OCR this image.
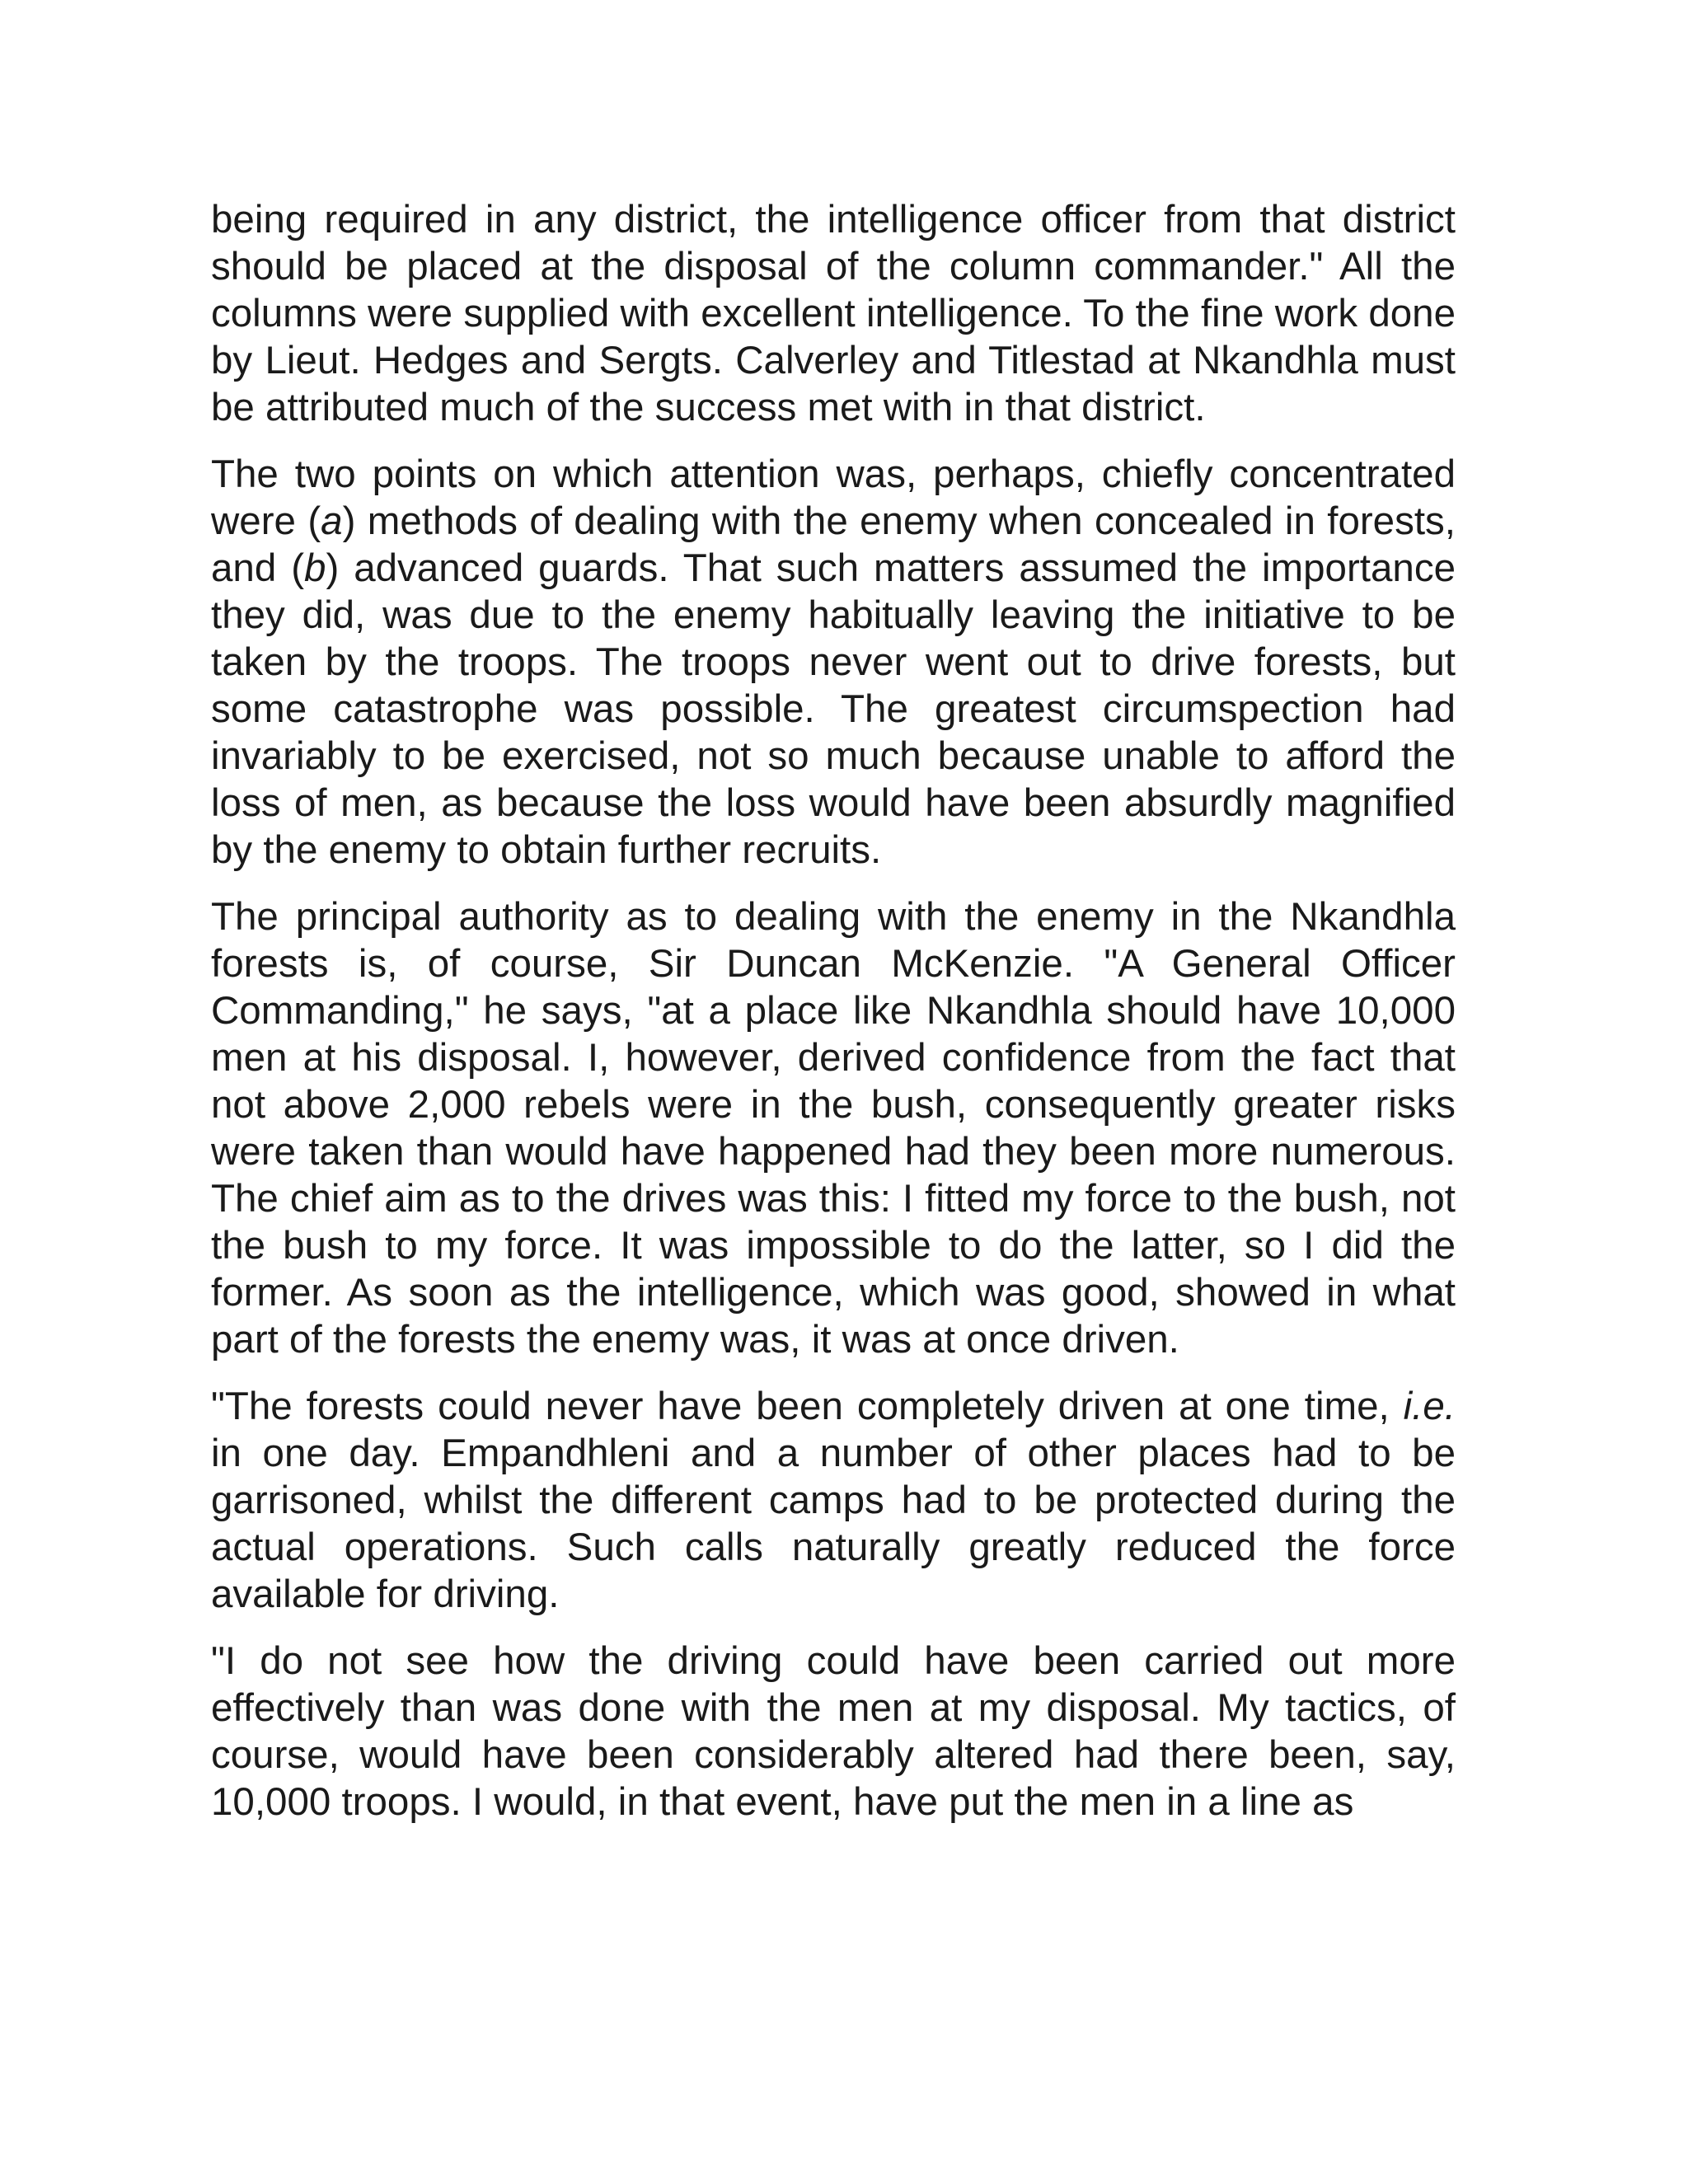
being required in any district, the intelligence officer from that district should be placed at the disposal of the column commander." All the columns were supplied with excellent intelligence. To the fine work done by Lieut. Hedges and Sergts. Calverley and Titlestad at Nkandhla must be attributed much of the success met with in that district.

The two points on which attention was, perhaps, chiefly concentrated were (a) methods of dealing with the enemy when concealed in forests, and (b) advanced guards. That such matters assumed the importance they did, was due to the enemy habitually leaving the initiative to be taken by the troops. The troops never went out to drive forests, but some catastrophe was possible. The greatest circumspection had invariably to be exercised, not so much because unable to afford the loss of men, as because the loss would have been absurdly magnified by the enemy to obtain further recruits.

The principal authority as to dealing with the enemy in the Nkandhla forests is, of course, Sir Duncan McKenzie. "A General Officer Commanding," he says, "at a place like Nkandhla should have 10,000 men at his disposal. I, however, derived confidence from the fact that not above 2,000 rebels were in the bush, consequently greater risks were taken than would have happened had they been more numerous. The chief aim as to the drives was this: I fitted my force to the bush, not the bush to my force. It was impossible to do the latter, so I did the former. As soon as the intelligence, which was good, showed in what part of the forests the enemy was, it was at once driven.

"The forests could never have been completely driven at one time, i.e. in one day. Empandhleni and a number of other places had to be garrisoned, whilst the different camps had to be protected during the actual operations. Such calls naturally greatly reduced the force available for driving.

"I do not see how the driving could have been carried out more effectively than was done with the men at my disposal. My tactics, of course, would have been considerably altered had there been, say, 10,000 troops. I would, in that event, have put the men in a line as
